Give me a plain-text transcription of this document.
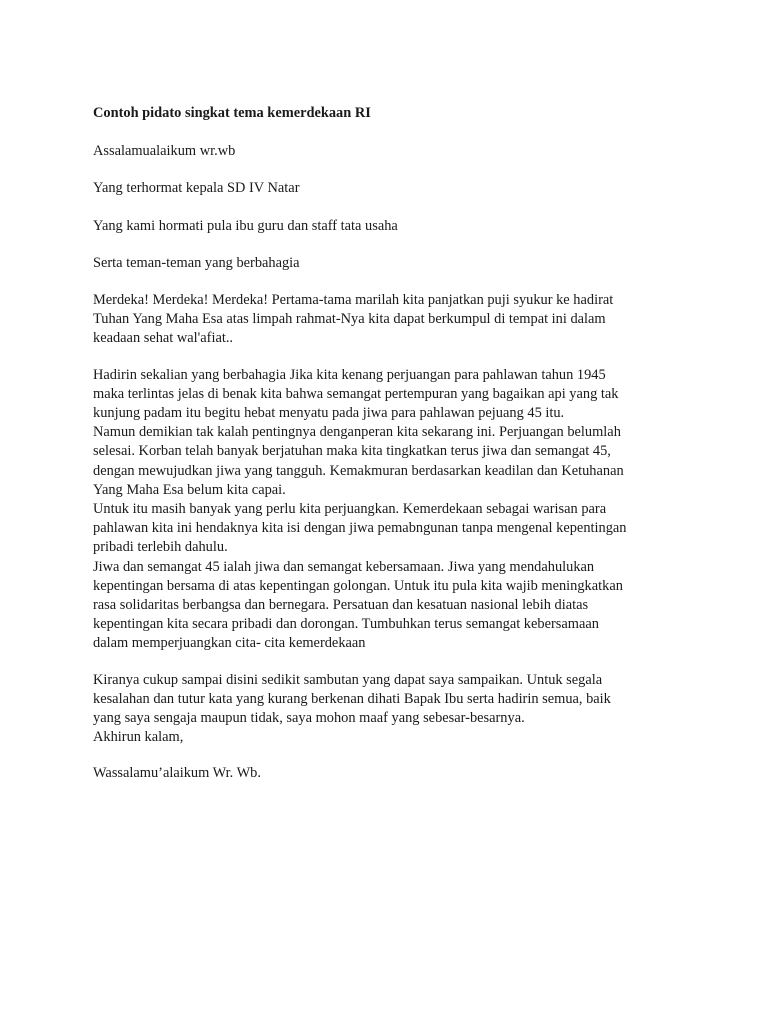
Contoh pidato singkat tema kemerdekaan RI
Assalamualaikum wr.wb
Yang terhormat kepala SD IV Natar
Yang kami hormati pula ibu guru dan staff tata usaha
Serta teman-teman yang berbahagia
Merdeka! Merdeka! Merdeka! Pertama-tama marilah kita panjatkan puji syukur ke hadirat
Tuhan Yang Maha Esa atas limpah rahmat-Nya kita dapat berkumpul di tempat ini dalam
keadaan sehat wal'afiat..
Hadirin sekalian yang berbahagia Jika kita kenang perjuangan para pahlawan tahun 1945
maka terlintas jelas di benak kita bahwa semangat pertempuran yang bagaikan api yang tak
kunjung padam itu begitu hebat menyatu pada jiwa para pahlawan pejuang 45 itu.
Namun demikian tak kalah pentingnya denganperan kita sekarang ini. Perjuangan belumlah
selesai. Korban telah banyak berjatuhan maka kita tingkatkan terus jiwa dan semangat 45,
dengan mewujudkan jiwa yang tangguh. Kemakmuran berdasarkan keadilan dan Ketuhanan
Yang Maha Esa belum kita capai.
Untuk itu masih banyak yang perlu kita perjuangkan. Kemerdekaan sebagai warisan para
pahlawan kita ini hendaknya kita isi dengan jiwa pemabngunan tanpa mengenal kepentingan
pribadi terlebih dahulu.
Jiwa dan semangat 45 ialah jiwa dan semangat kebersamaan. Jiwa yang mendahulukan
kepentingan bersama di atas kepentingan golongan. Untuk itu pula kita wajib meningkatkan
rasa solidaritas berbangsa dan bernegara. Persatuan dan kesatuan nasional lebih diatas
kepentingan kita secara pribadi dan dorongan. Tumbuhkan terus semangat kebersamaan
dalam memperjuangkan cita- cita kemerdekaan
Kiranya cukup sampai disini sedikit sambutan yang dapat saya sampaikan. Untuk segala
kesalahan dan tutur kata yang kurang berkenan dihati Bapak Ibu serta hadirin semua, baik
yang saya sengaja maupun tidak, saya mohon maaf yang sebesar-besarnya.
Akhirun kalam,
Wassalamu’alaikum Wr. Wb.
